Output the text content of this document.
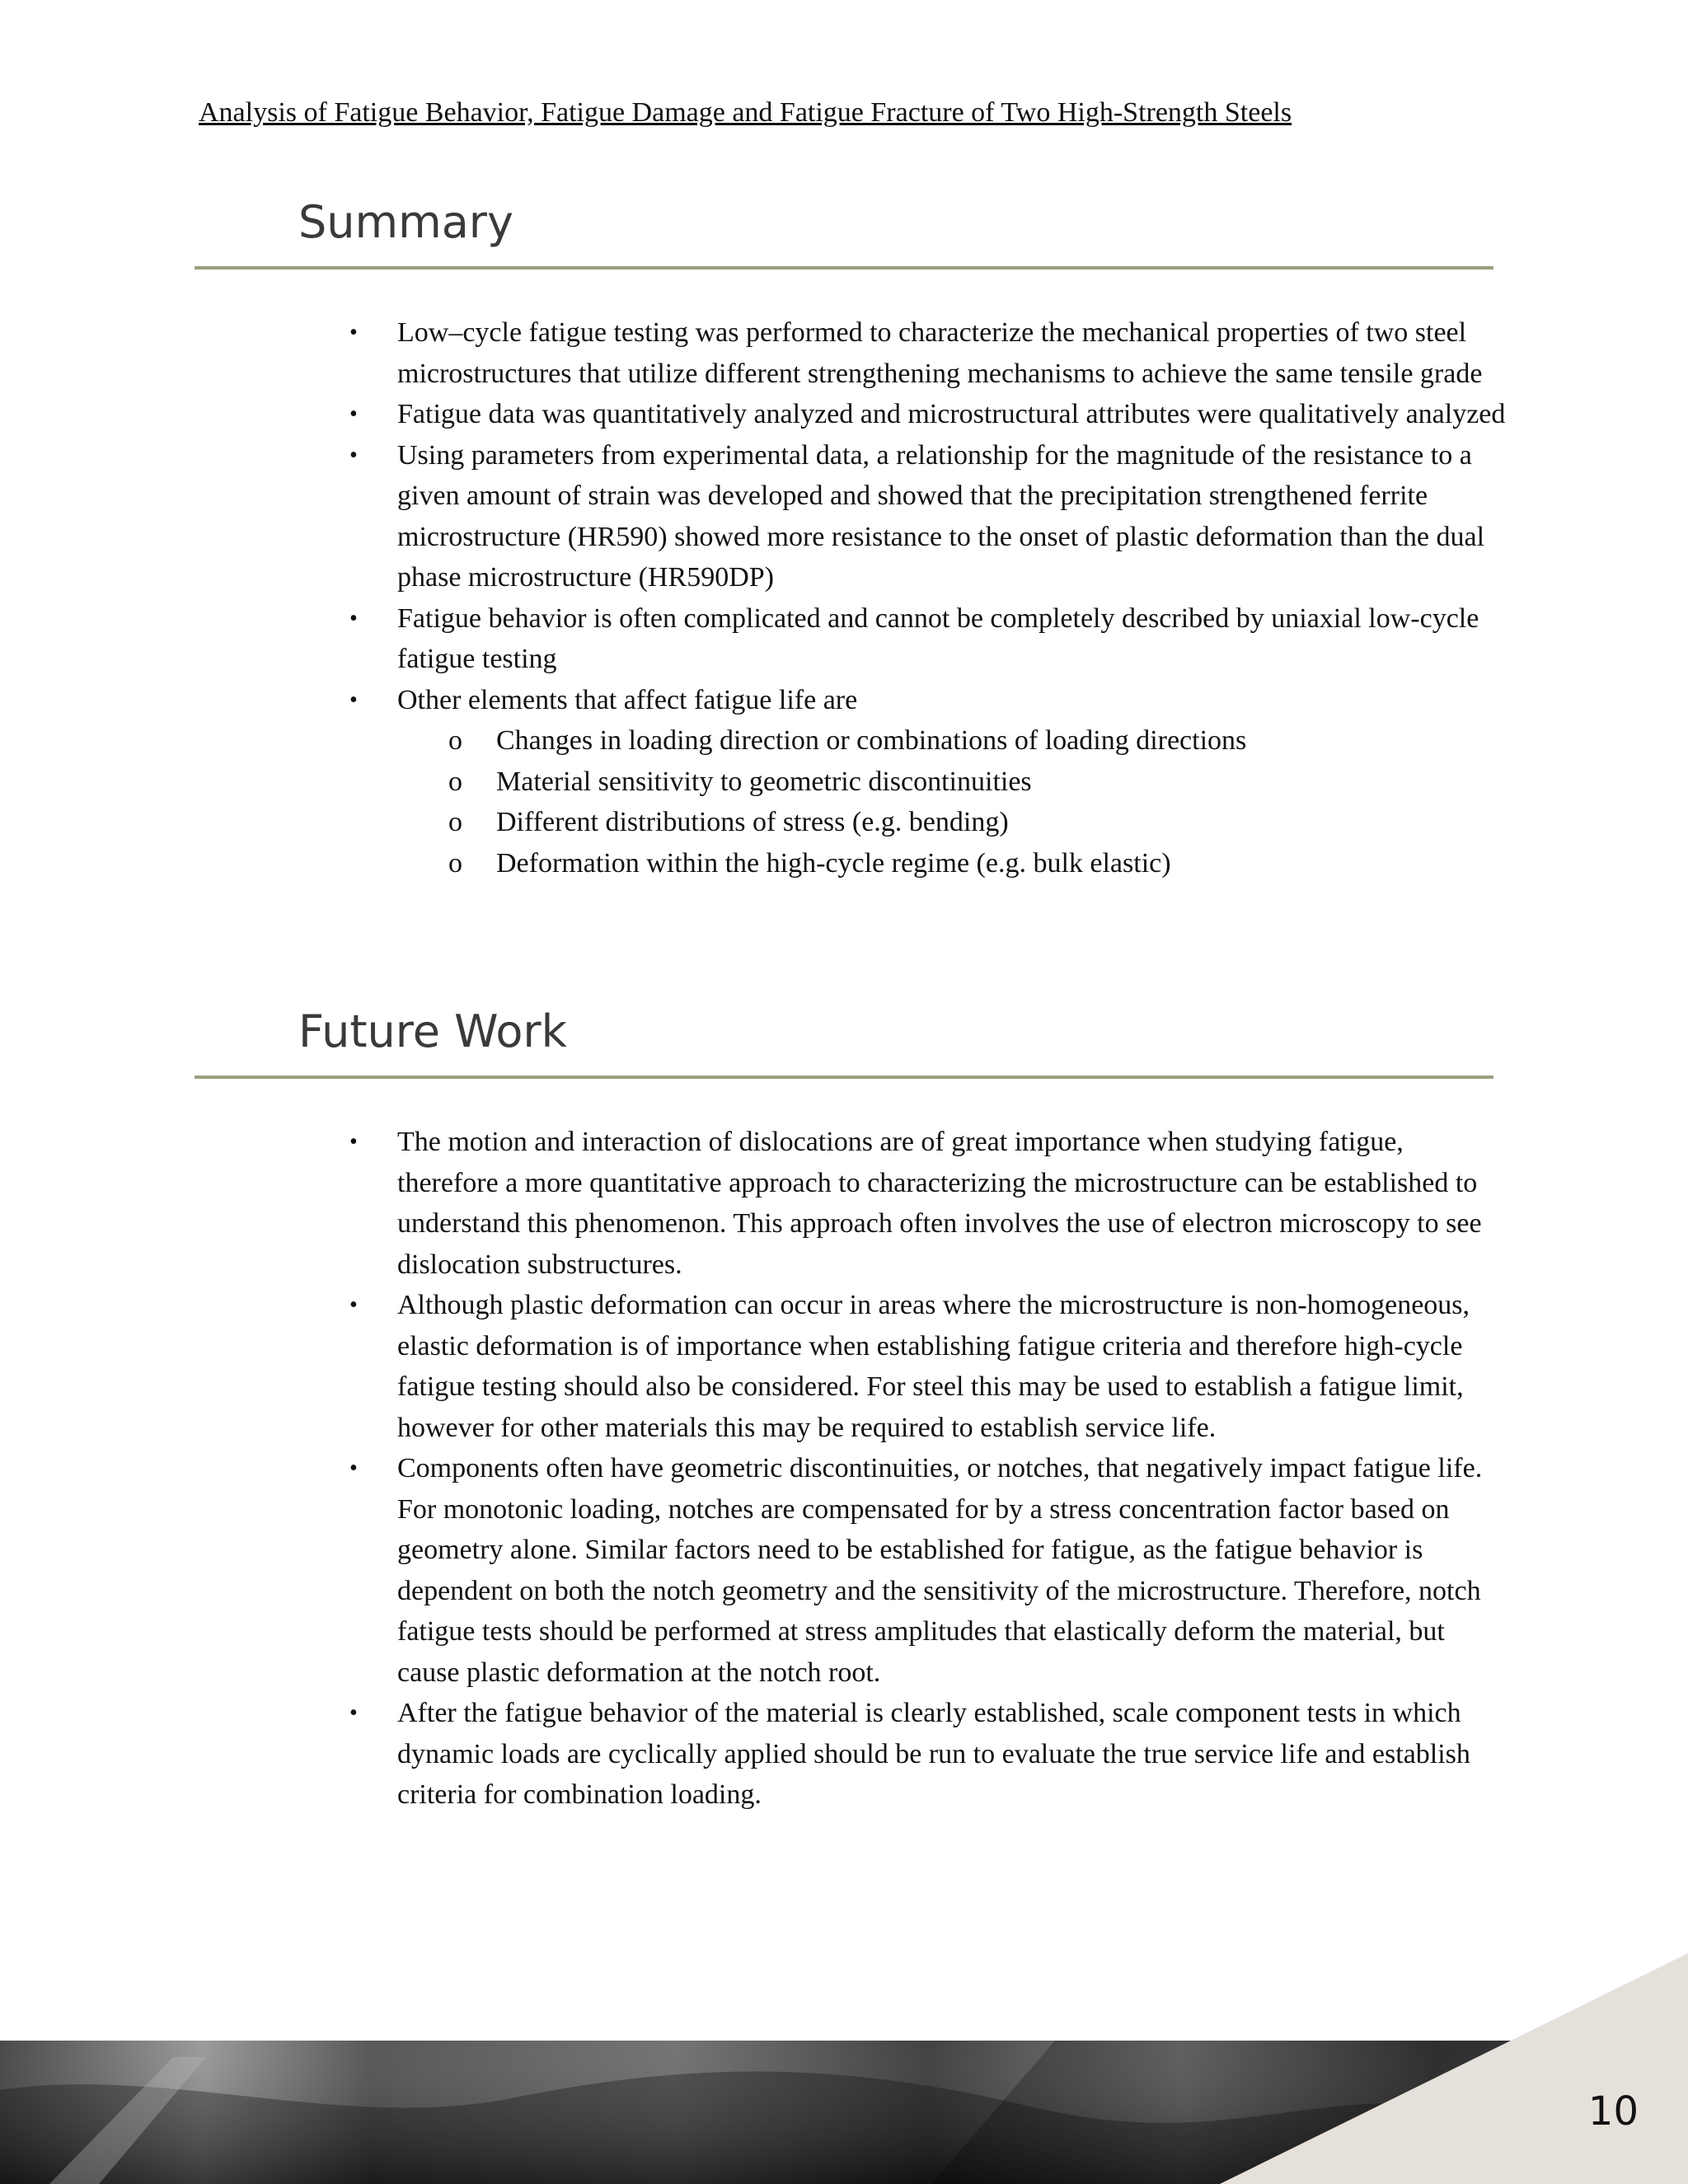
Analysis of Fatigue Behavior, Fatigue Damage and Fatigue Fracture of Two High-Strength Steels
Summary
• Low–cycle fatigue testing was performed to characterize the mechanical properties of two steel microstructures that utilize different strengthening mechanisms to achieve the same tensile grade
• Fatigue data was quantitatively analyzed and microstructural attributes were qualitatively analyzed
• Using parameters from experimental data, a relationship for the magnitude of the resistance to a given amount of strain was developed and showed that the precipitation strengthened ferrite microstructure (HR590) showed more resistance to the onset of plastic deformation than the dual phase microstructure (HR590DP)
• Fatigue behavior is often complicated and cannot be completely described by uniaxial low-cycle fatigue testing
• Other elements that affect fatigue life are
o Changes in loading direction or combinations of loading directions
o Material sensitivity to geometric discontinuities
o Different distributions of stress (e.g. bending)
o Deformation within the high-cycle regime (e.g. bulk elastic)
Future Work
• The motion and interaction of dislocations are of great importance when studying fatigue, therefore a more quantitative approach to characterizing the microstructure can be established to understand this phenomenon. This approach often involves the use of electron microscopy to see dislocation substructures.
• Although plastic deformation can occur in areas where the microstructure is non-homogeneous, elastic deformation is of importance when establishing fatigue criteria and therefore high-cycle fatigue testing should also be considered. For steel this may be used to establish a fatigue limit, however for other materials this may be required to establish service life.
• Components often have geometric discontinuities, or notches, that negatively impact fatigue life. For monotonic loading, notches are compensated for by a stress concentration factor based on geometry alone. Similar factors need to be established for fatigue, as the fatigue behavior is dependent on both the notch geometry and the sensitivity of the microstructure. Therefore, notch fatigue tests should be performed at stress amplitudes that elastically deform the material, but cause plastic deformation at the notch root.
• After the fatigue behavior of the material is clearly established, scale component tests in which dynamic loads are cyclically applied should be run to evaluate the true service life and establish criteria for combination loading.
10
